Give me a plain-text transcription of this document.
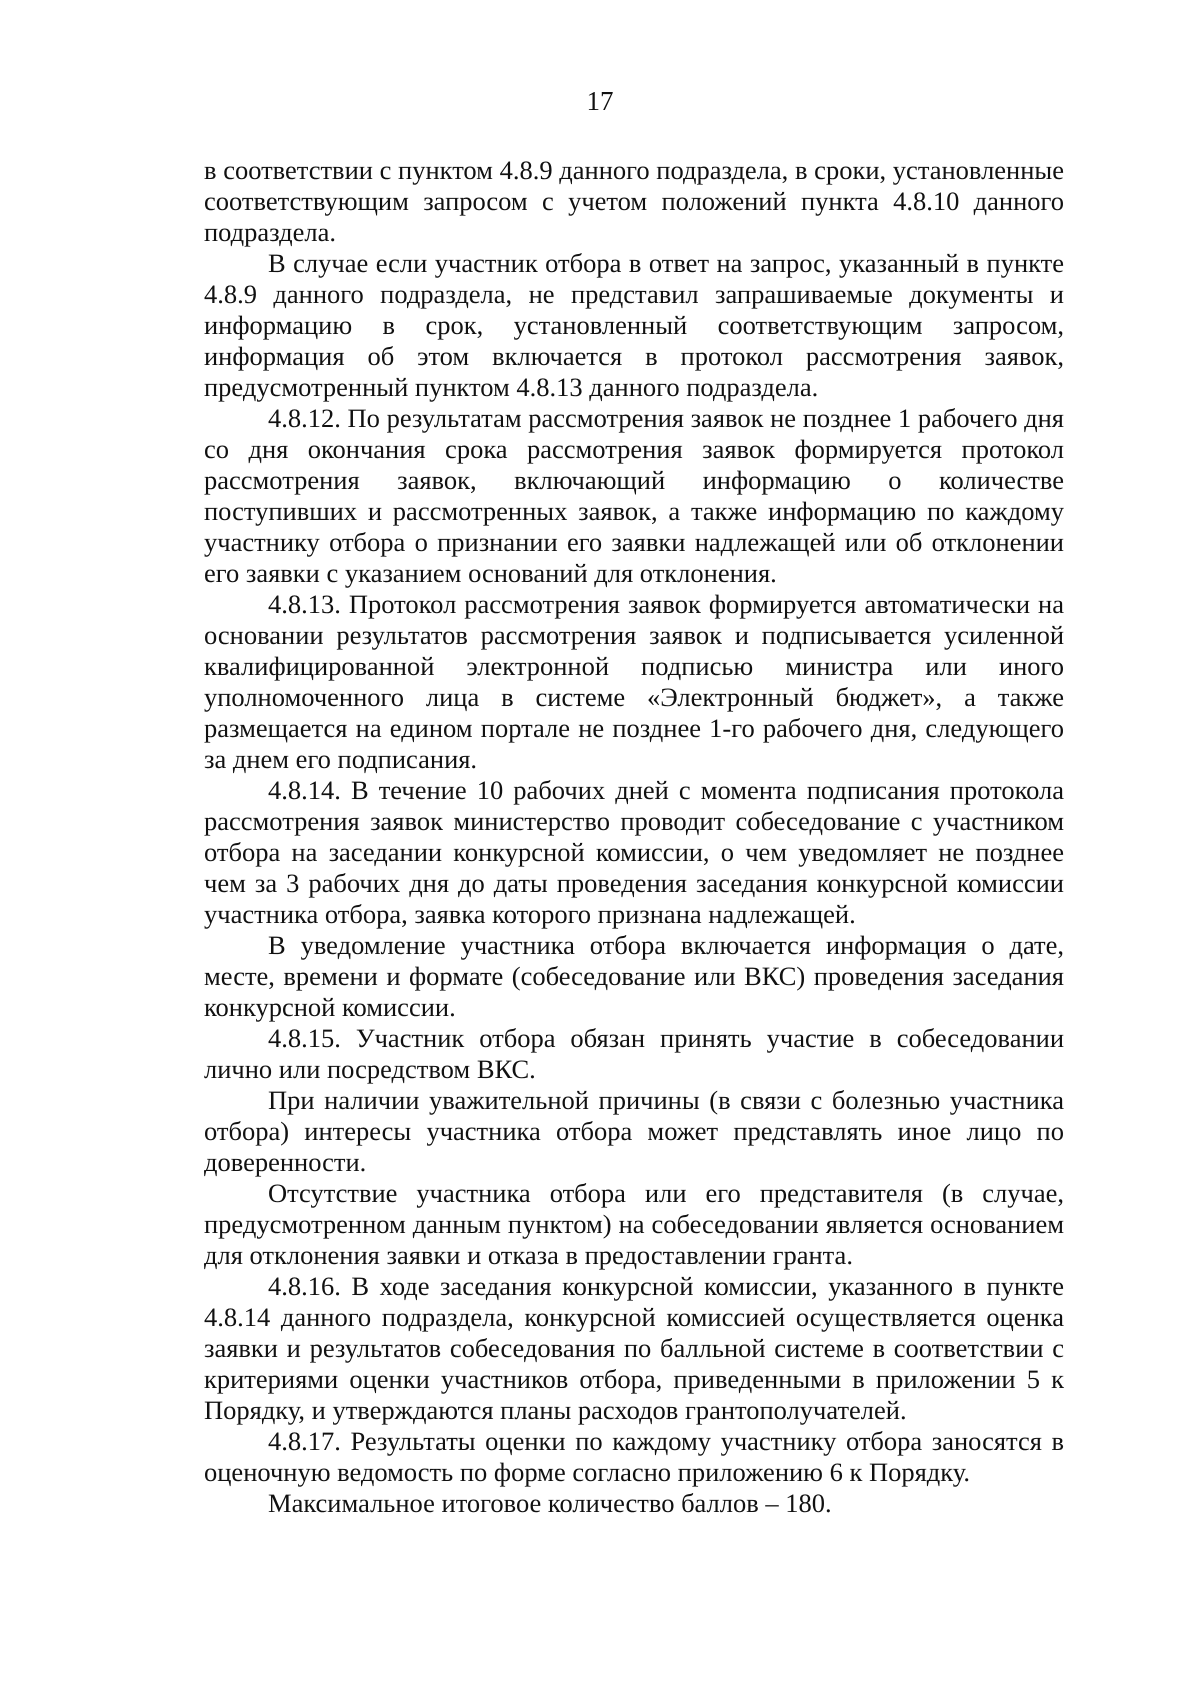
17

в соответствии с пунктом 4.8.9 данного подраздела, в сроки, установленные соответствующим запросом с учетом положений пункта 4.8.10 данного подраздела.

В случае если участник отбора в ответ на запрос, указанный в пункте 4.8.9 данного подраздела, не представил запрашиваемые документы и информацию в срок, установленный соответствующим запросом, информация об этом включается в протокол рассмотрения заявок, предусмотренный пунктом 4.8.13 данного подраздела.

4.8.12. По результатам рассмотрения заявок не позднее 1 рабочего дня со дня окончания срока рассмотрения заявок формируется протокол рассмотрения заявок, включающий информацию о количестве поступивших и рассмотренных заявок, а также информацию по каждому участнику отбора о признании его заявки надлежащей или об отклонении его заявки с указанием оснований для отклонения.

4.8.13. Протокол рассмотрения заявок формируется автоматически на основании результатов рассмотрения заявок и подписывается усиленной квалифицированной электронной подписью министра или иного уполномоченного лица в системе «Электронный бюджет», а также размещается на едином портале не позднее 1-го рабочего дня, следующего за днем его подписания.

4.8.14. В течение 10 рабочих дней с момента подписания протокола рассмотрения заявок министерство проводит собеседование с участником отбора на заседании конкурсной комиссии, о чем уведомляет не позднее чем за 3 рабочих дня до даты проведения заседания конкурсной комиссии участника отбора, заявка которого признана надлежащей.

В уведомление участника отбора включается информация о дате, месте, времени и формате (собеседование или ВКС) проведения заседания конкурсной комиссии.

4.8.15. Участник отбора обязан принять участие в собеседовании лично или посредством ВКС.

При наличии уважительной причины (в связи с болезнью участника отбора) интересы участника отбора может представлять иное лицо по доверенности.

Отсутствие участника отбора или его представителя (в случае, предусмотренном данным пунктом) на собеседовании является основанием для отклонения заявки и отказа в предоставлении гранта.

4.8.16. В ходе заседания конкурсной комиссии, указанного в пункте 4.8.14 данного подраздела, конкурсной комиссией осуществляется оценка заявки и результатов собеседования по балльной системе в соответствии с критериями оценки участников отбора, приведенными в приложении 5 к Порядку, и утверждаются планы расходов грантополучателей.

4.8.17. Результаты оценки по каждому участнику отбора заносятся в оценочную ведомость по форме согласно приложению 6 к Порядку.

Максимальное итоговое количество баллов – 180.
